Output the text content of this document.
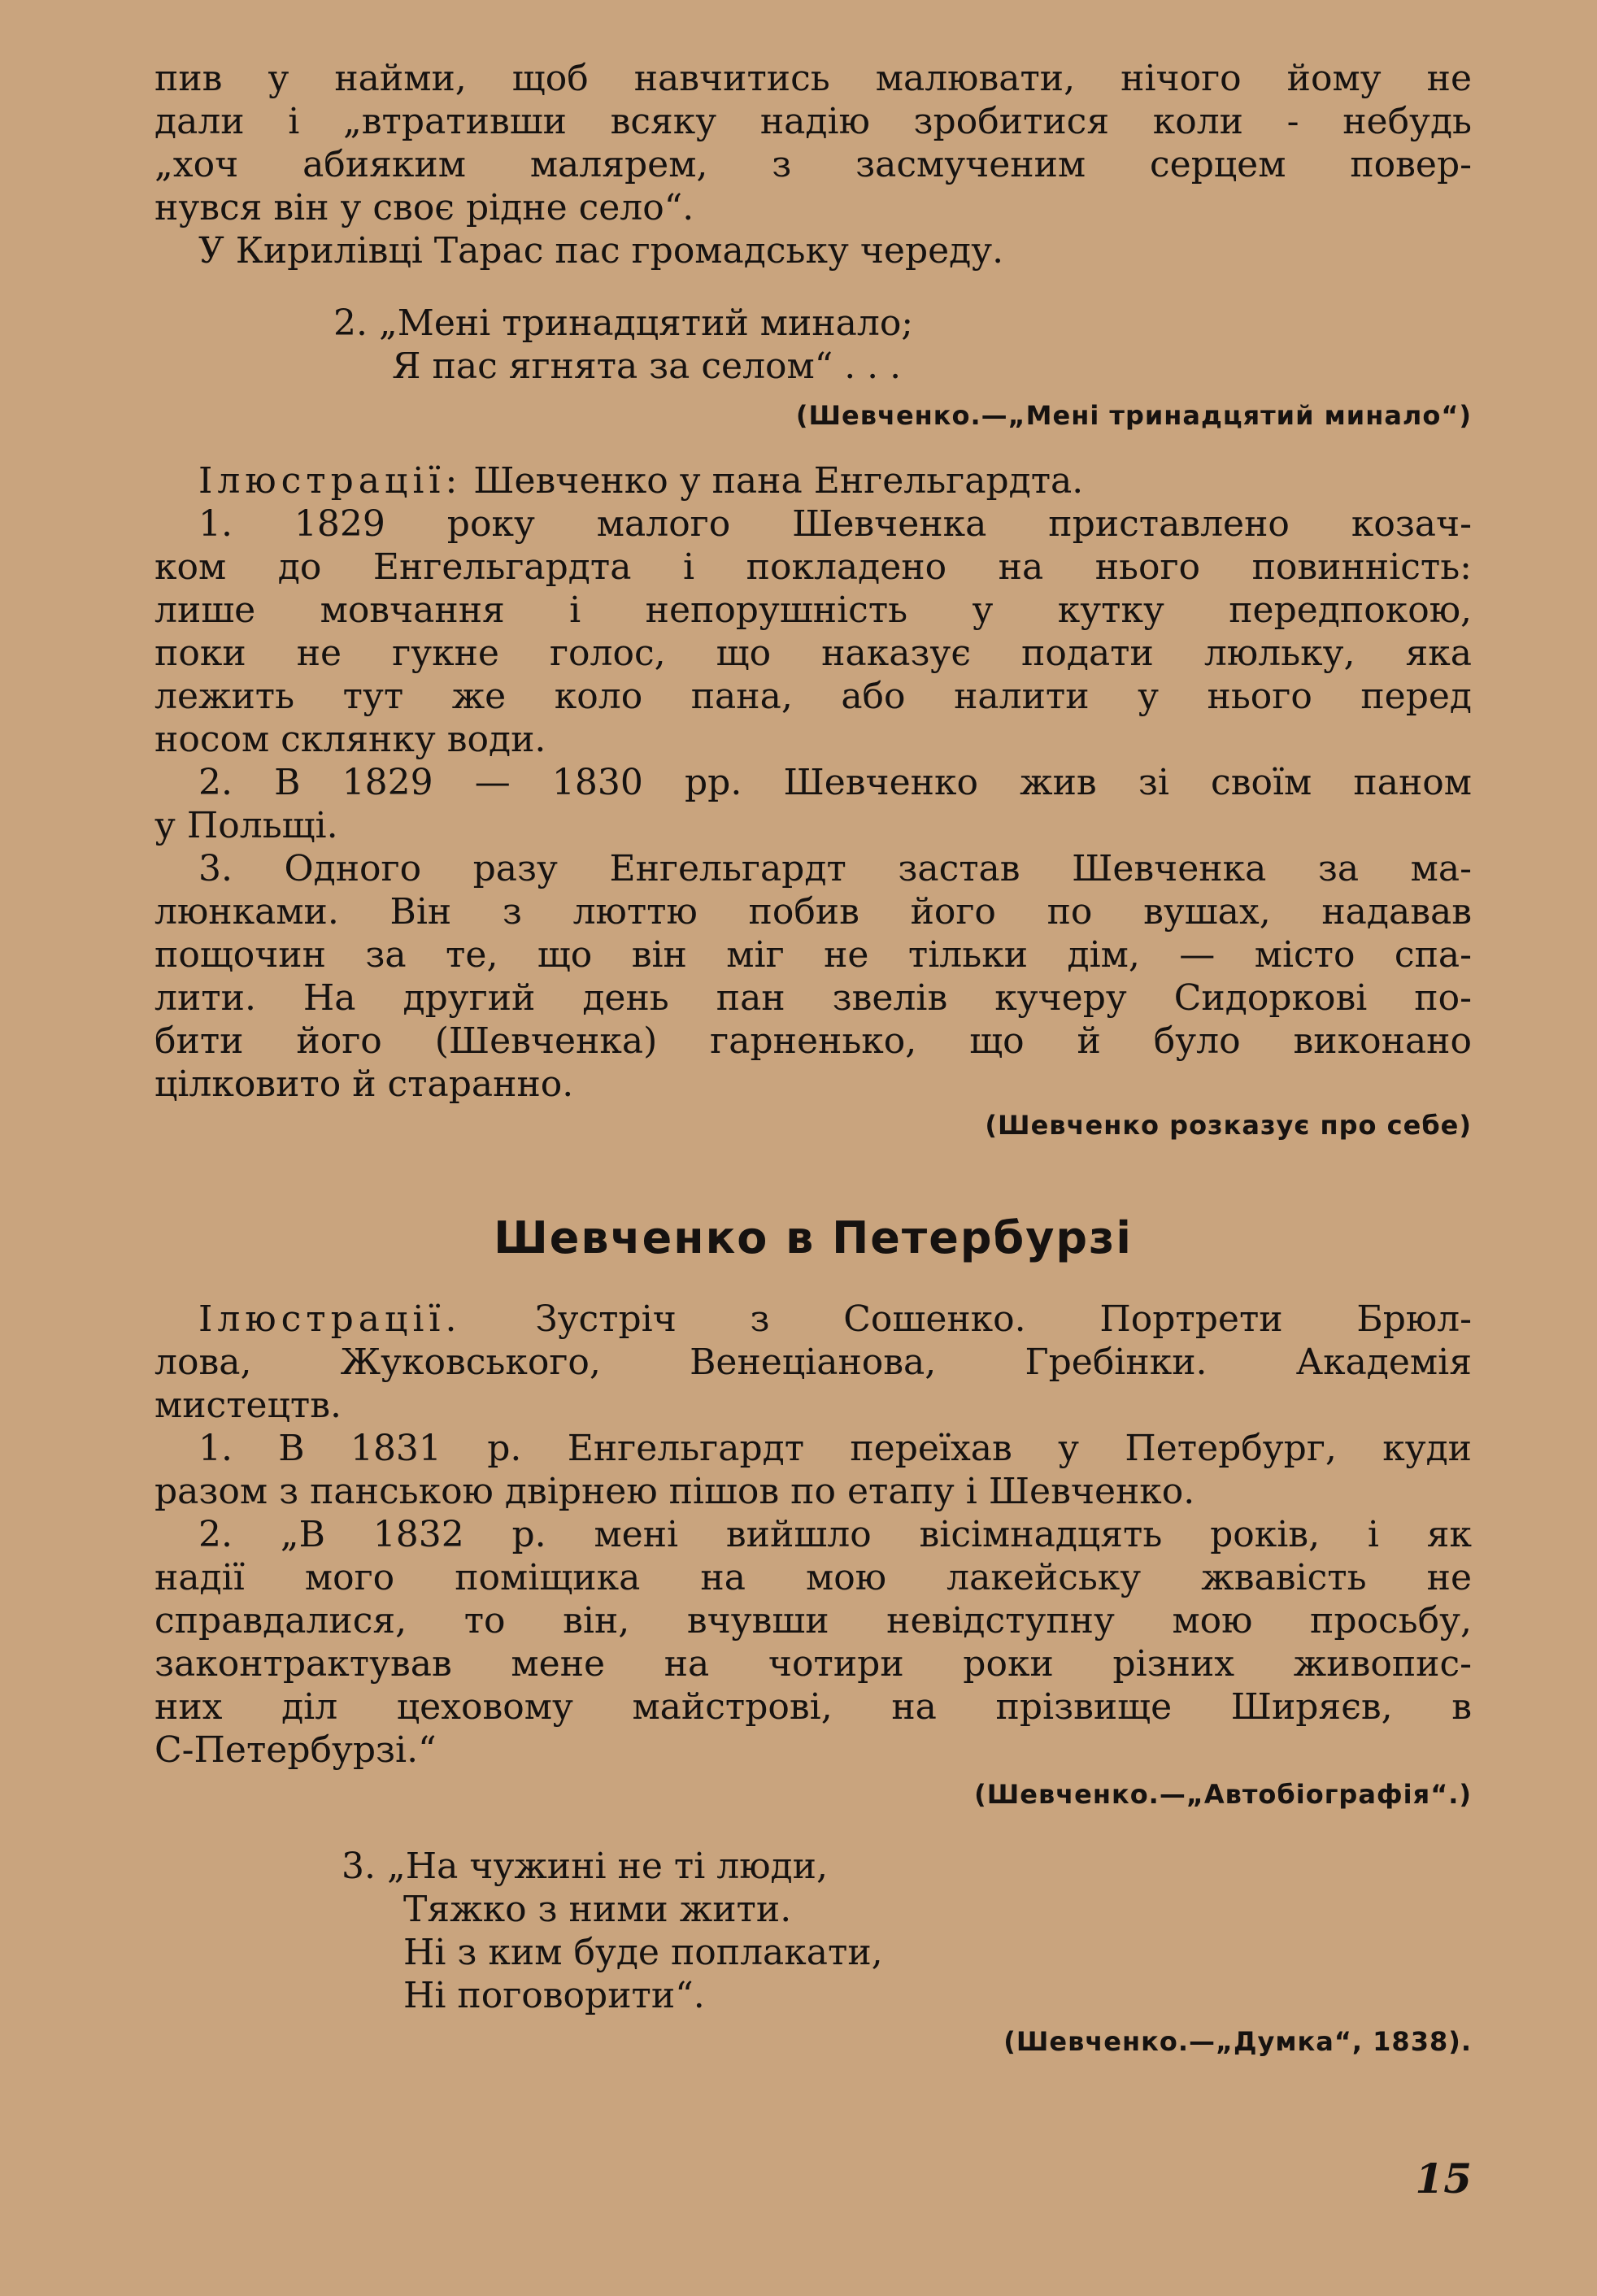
пив у найми, щоб навчитись малювати, нічого йому не

дали і „втративши всяку надію зробитися коли - небудь

„хоч абияким малярем, з засмученим серцем повер-

нувся він у своє рідне село“.

У Кирилівці Тарас пас громадську череду.

2. „Мені тринадцятий минало;

Я пас ягнята за селом“ . . .

(Шевченко.—„Мені тринадцятий минало“)

Ілюстрації: Шевченко у пана Енгельгардта.

1. 1829 року малого Шевченка приставлено козач-

ком до Енгельгардта і покладено на нього повинність:

лише мовчання і непорушність у кутку передпокою,

поки не гукне голос, що наказує подати люльку, яка

лежить тут же коло пана, або налити у нього перед

носом склянку води.

2. В 1829 — 1830 рр. Шевченко жив зі своїм паном

у Польщі.

3. Одного разу Енгельгардт застав Шевченка за ма-

люнками. Він з люттю побив його по вушах, надавав

пощочин за те, що він міг не тільки дім, — місто спа-

лити. На другий день пан звелів кучеру Сидоркові по-

бити його (Шевченка) гарненько, що й було виконано

цілковито й старанно.

(Шевченко розказує про себе)

Шевченко в Петербурзі

Ілюстрації. Зустріч з Сошенко. Портрети Брюл-

лова, Жуковського, Венеціанова, Гребінки. Академія

мистецтв.

1. В 1831 р. Енгельгардт переїхав у Петербург, куди

разом з панською двірнею пішов по етапу і Шевченко.

2. „В 1832 р. мені вийшло вісімнадцять років, і як

надії мого поміщика на мою лакейську жвавість не

справдалися, то він, вчувши невідступну мою просьбу,

законтрактував мене на чотири роки різних живопис-

них діл цеховому майстрові, на прізвище Ширяєв, в

С-Петербурзі.“

(Шевченко.—„Автобіографія“.)

3. „На чужині не ті люди,

Тяжко з ними жити.

Ні з ким буде поплакати,

Ні поговорити“.

(Шевченко.—„Думка“, 1838).

15
